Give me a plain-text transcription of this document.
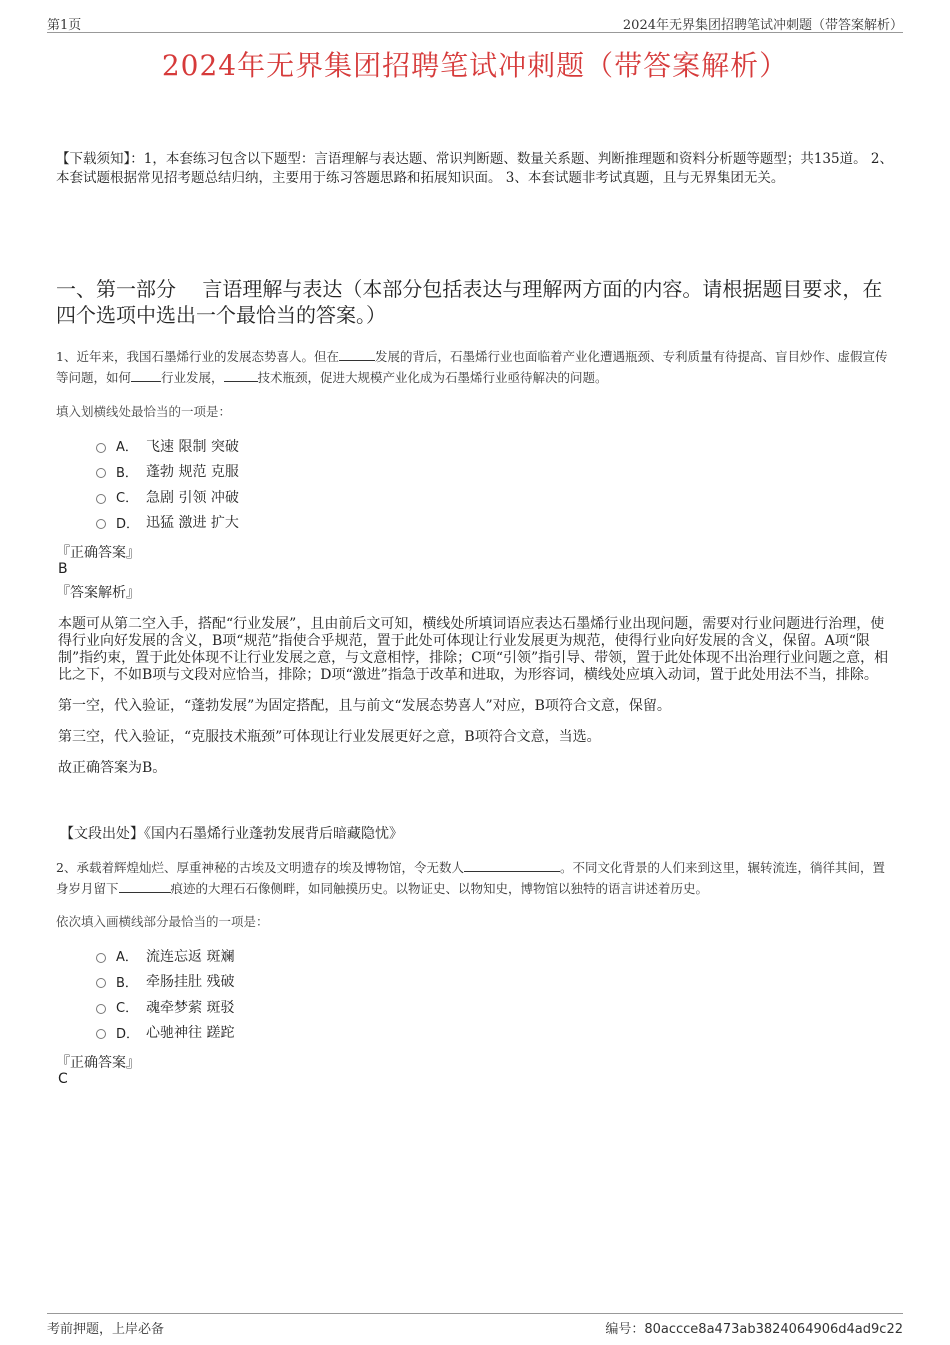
第1页	2024年无界集团招聘笔试冲刺题（带答案解析）
2024年无界集团招聘笔试冲刺题（带答案解析）
【下载须知】：1，本套练习包含以下题型：言语理解与表达题、常识判断题、数量关系题、判断推理题和资料分析题等题型；共135道。 2、本套试题根据常见招考题总结归纳，主要用于练习答题思路和拓展知识面。 3、本套试题非考试真题，且与无界集团无关。
一、第一部分　 言语理解与表达（本部分包括表达与理解两方面的内容。请根据题目要求，在四个选项中选出一个最恰当的答案。）
1、近年来，我国石墨烯行业的发展态势喜人。但在	发展的背后，石墨烯行业也面临着产业化遭遇瓶颈、专利质量有待提高、盲目炒作、虚假宣传等问题，如何 行业发展，	技术瓶颈，促进大规模产业化成为石墨烯行业亟待解决的问题。
填入划横线处最恰当的一项是：
A． 飞速 限制 突破
B． 蓬勃 规范 克服
C． 急剧 引领 冲破
D． 迅猛 激进 扩大
『正确答案』
B
『答案解析』

本题可从第二空入手，搭配“行业发展”，且由前后文可知，横线处所填词语应表达石墨烯行业出现问题，需要对行业问题进行治理，使得行业向好发展的含义，B项“规范”指使合乎规范，置于此处可体现让行业发展更为规范，使得行业向好发展的含义，保留。A项“限制”指约束，置于此处体现不让行业发展之意，与文意相悖，排除；C项“引领”指引导、带领，置于此处体现不出治理行业问题之意，相比之下，不如B项与文段对应恰当，排除；D项“激进”指急于改革和进取，为形容词，横线处应填入动词，置于此处用法不当，排除。

第一空，代入验证，“蓬勃发展”为固定搭配，且与前文“发展态势喜人”对应，B项符合文意，保留。

第三空，代入验证，“克服技术瓶颈”可体现让行业发展更好之意，B项符合文意，当选。

故正确答案为B。

【文段出处】《国内石墨烯行业蓬勃发展背后暗藏隐忧》
2、承载着辉煌灿烂、厚重神秘的古埃及文明遗存的埃及博物馆，令无数人	。不同文化背景的人们来到这里，辗转流连，徜徉其间，置身岁月留下	痕迹的大理石石像侧畔，如同触摸历史。以物证史、以物知史，博物馆以独特的语言讲述着历史。
依次填入画横线部分最恰当的一项是：
A． 流连忘返 斑斓
B． 牵肠挂肚 残破
C． 魂牵梦萦 斑驳
D． 心驰神往 蹉跎
『正确答案』
C
考前押题，上岸必备	编号：80accce8a473ab3824064906d4ad9c22
